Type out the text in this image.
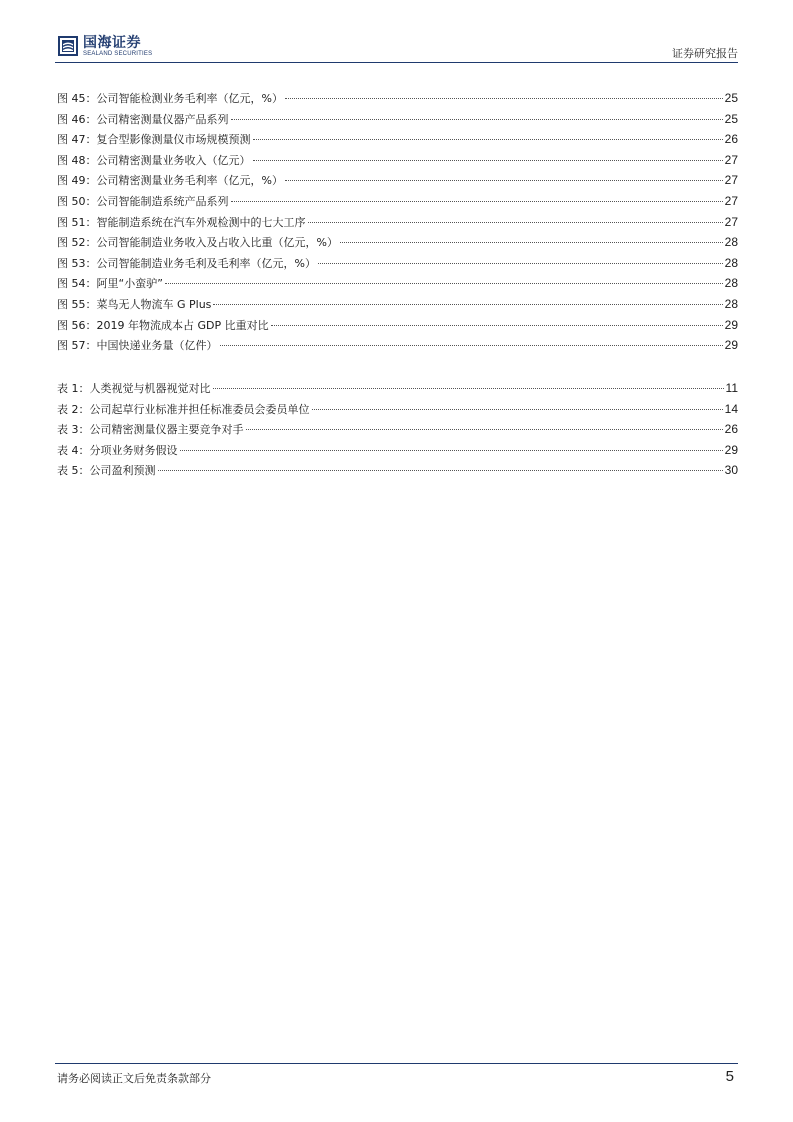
国海证券
SEALAND SECURITIES	证券研究报告
图 45：公司智能检测业务毛利率（亿元，%）	25
图 46：公司精密测量仪器产品系列	25
图 47：复合型影像测量仪市场规模预测	26
图 48：公司精密测量业务收入（亿元）	27
图 49：公司精密测量业务毛利率（亿元，%）	27
图 50：公司智能制造系统产品系列	27
图 51：智能制造系统在汽车外观检测中的七大工序	27
图 52：公司智能制造业务收入及占收入比重（亿元，%）	28
图 53：公司智能制造业务毛利及毛利率（亿元，%）	28
图 54：阿里“小蛮驴”	28
图 55：菜鸟无人物流车 G Plus	28
图 56：2019 年物流成本占 GDP 比重对比	29
图 57：中国快递业务量（亿件）	29
表 1：人类视觉与机器视觉对比	11
表 2：公司起草行业标准并担任标准委员会委员单位	14
表 3：公司精密测量仪器主要竞争对手	26
表 4：分项业务财务假设	29
表 5：公司盈利预测	30
请务必阅读正文后免责条款部分	5
